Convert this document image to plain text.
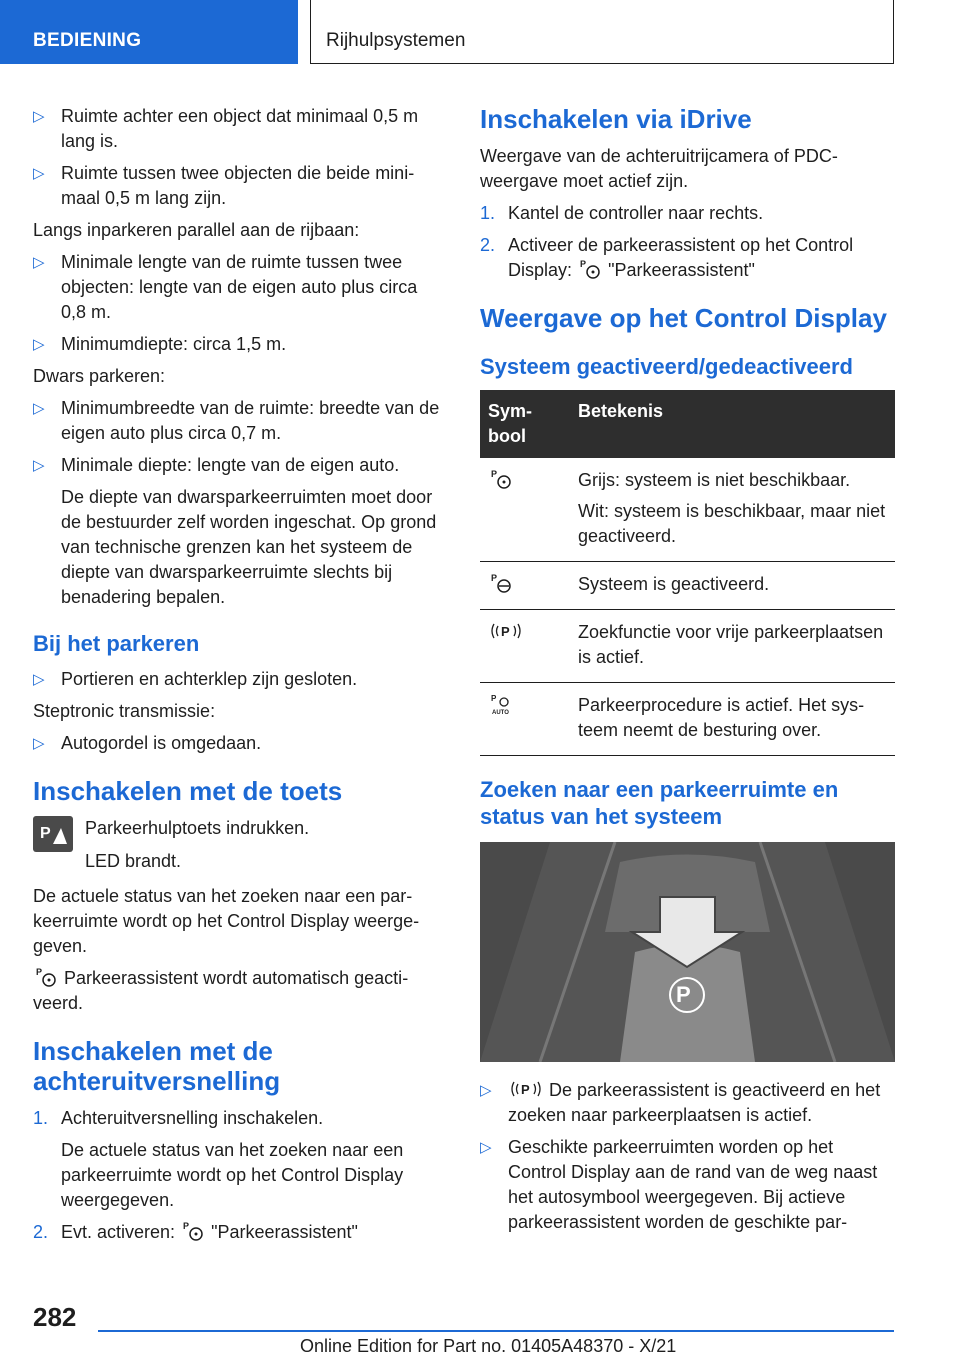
BEDIENING	Rijhulpsystemen
▷ Ruimte achter een object dat minimaal 0,5 m lang is.
▷ Ruimte tussen twee objecten die beide minimaal 0,5 m lang zijn.
Langs inparkeren parallel aan de rijbaan:
▷ Minimale lengte van de ruimte tussen twee objecten: lengte van de eigen auto plus circa 0,8 m.
▷ Minimumdiepte: circa 1,5 m.
Dwars parkeren:
▷ Minimumbreedte van de ruimte: breedte van de eigen auto plus circa 0,7 m.
▷ Minimale diepte: lengte van de eigen auto.
De diepte van dwarsparkeerruimten moet door de bestuurder zelf worden ingeschat. Op grond van technische grenzen kan het systeem de diepte van dwarsparkeerruimte slechts bij benadering bepalen.
Bij het parkeren
▷ Portieren en achterklep zijn gesloten.
Steptronic transmissie:
▷ Autogordel is omgedaan.
Inschakelen met de toets
P Parkeerhulptoets indrukken.
LED brandt.
De actuele status van het zoeken naar een parkeerruimte wordt op het Control Display weergegeven.
P Parkeerassistent wordt automatisch geactiveerd.
Inschakelen met de achteruitversnelling
1. Achteruitversnelling inschakelen.
De actuele status van het zoeken naar een parkeerruimte wordt op het Control Display weergegeven.
2. Evt. activeren: P "Parkeerassistent"
Inschakelen via iDrive
Weergave van de achteruitrijcamera of PDC-weergave moet actief zijn.
1. Kantel de controller naar rechts.
2. Activeer de parkeerassistent op het Control Display: P "Parkeerassistent"
Weergave op het Control Display
Systeem geactiveerd/gedeactiveerd
Symbool	Betekenis

P	Grijs: systeem is niet beschikbaar.

Wit: systeem is beschikbaar, maar niet geactiveerd.

P	Systeem is geactiveerd.

P	Zoekfunctie voor vrije parkeerplaatsen is actief.

P
AUTO	Parkeerprocedure is actief. Het systeem neemt de besturing over.
Zoeken naar een parkeerruimte en status van het systeem
P
▷ P De parkeerassistent is geactiveerd en het zoeken naar parkeerplaatsen is actief.
▷ Geschikte parkeerruimten worden op het Control Display aan de rand van de weg naast het autosymbool weergegeven. Bij actieve parkeerassistent worden de geschikte par-
282
Online Edition for Part no. 01405A48370 - X/21
